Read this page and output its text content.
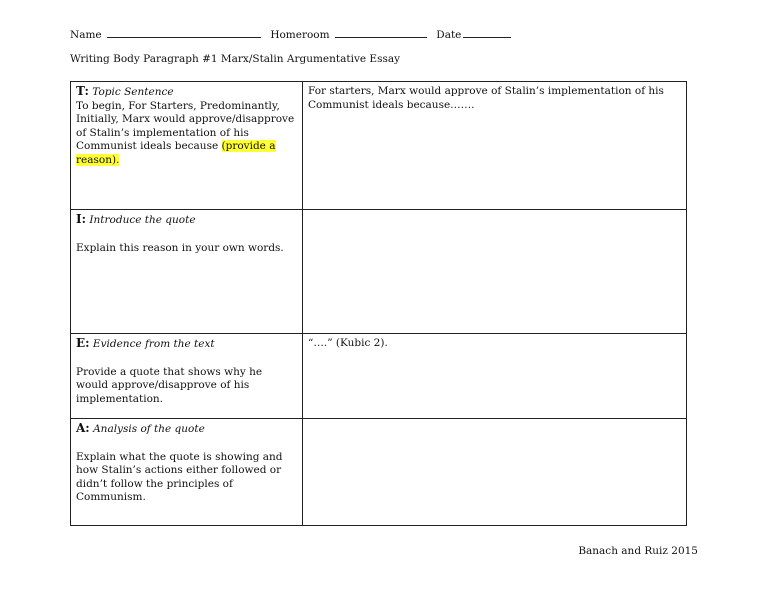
Name	Homeroom	Date
Writing Body Paragraph #1 Marx/Stalin Argumentative Essay
T: Topic Sentence
To begin, For Starters, Predominantly, Initially, Marx would approve/disapprove of Stalin’s implementation of his Communist ideals because (provide a reason).	For starters, Marx would approve of Stalin’s implementation of his Communist ideals because…….
I: Introduce the quote
Explain this reason in your own words.	
E: Evidence from the text
Provide a quote that shows why he would approve/disapprove of his implementation.	“….” (Kubic 2).
A: Analysis of the quote
Explain what the quote is showing and how Stalin’s actions either followed or didn’t follow the principles of Communism.	
Banach and Ruiz 2015
